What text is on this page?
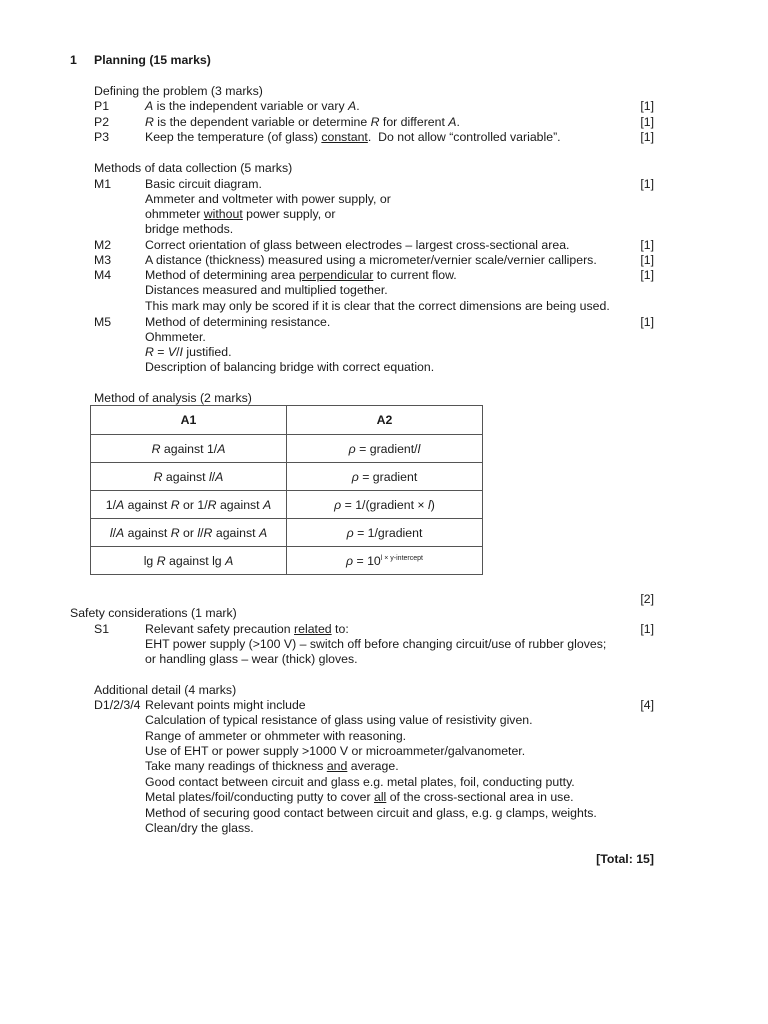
1 Planning (15 marks)
Defining the problem (3 marks)
P1	A is the independent variable or vary A.	[1]
P2	R is the dependent variable or determine R for different A.	[1]
P3	Keep the temperature (of glass) constant.  Do not allow “controlled variable”.	[1]
Methods of data collection (5 marks)
M1	Basic circuit diagram.	[1]
Ammeter and voltmeter with power supply, or
ohmmeter without power supply, or
bridge methods.
M2	Correct orientation of glass between electrodes – largest cross-sectional area.	[1]
M3	A distance (thickness) measured using a micrometer/vernier scale/vernier callipers.	[1]
M4	Method of determining area perpendicular to current flow.	[1]
Distances measured and multiplied together.
This mark may only be scored if it is clear that the correct dimensions are being used.
M5	Method of determining resistance.	[1]
Ohmmeter.
R = V/I justified.
Description of balancing bridge with correct equation.
Method of analysis (2 marks)
A1	A2
R against 1/A	ρ = gradient/l
R against l/A	ρ = gradient
1/A against R or 1/R against A	ρ = 1/(gradient × l)
l/A against R or l/R against A	ρ = 1/gradient
lg R against lg A	$\rho = 10^{l \times y-intercept}$
[2]
Safety considerations (1 mark)
S1	Relevant safety precaution related to:	[1]
EHT power supply (>100 V) – switch off before changing circuit/use of rubber gloves;
or handling glass – wear (thick) gloves.
Additional detail (4 marks)
D1/2/3/4 Relevant points might include	[4]
Calculation of typical resistance of glass using value of resistivity given.
Range of ammeter or ohmmeter with reasoning.
Use of EHT or power supply >1000 V or microammeter/galvanometer.
Take many readings of thickness and average.
Good contact between circuit and glass e.g. metal plates, foil, conducting putty.
Metal plates/foil/conducting putty to cover all of the cross-sectional area in use.
Method of securing good contact between circuit and glass, e.g. g clamps, weights.
Clean/dry the glass.
[Total: 15]
